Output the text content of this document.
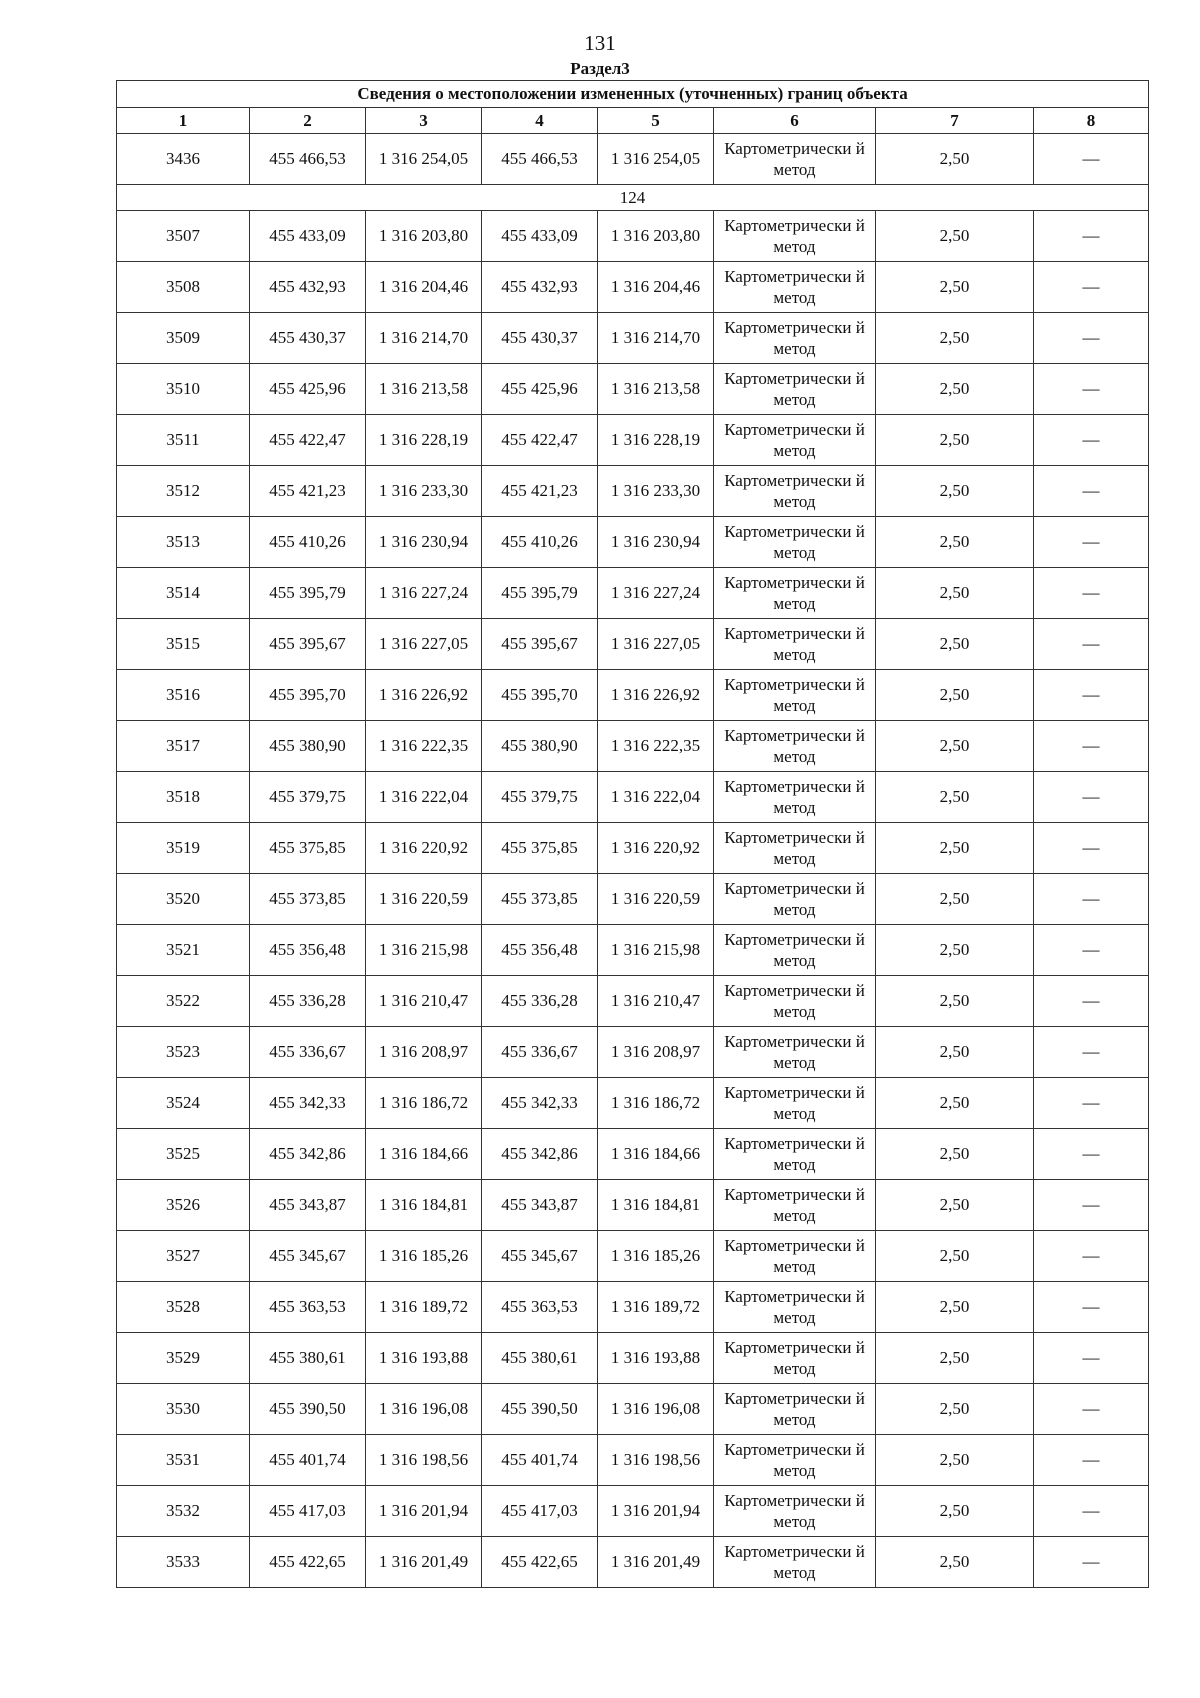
131
Раздел3
Сведения о местоположении измененных (уточненных) границ объекта							
1	2	3	4	5	6	7	8
3436	455 466,53	1 316 254,05	455 466,53	1 316 254,05	Картометрически й метод	2,50	—
124							
3507	455 433,09	1 316 203,80	455 433,09	1 316 203,80	Картометрически й метод	2,50	—
3508	455 432,93	1 316 204,46	455 432,93	1 316 204,46	Картометрически й метод	2,50	—
3509	455 430,37	1 316 214,70	455 430,37	1 316 214,70	Картометрически й метод	2,50	—
3510	455 425,96	1 316 213,58	455 425,96	1 316 213,58	Картометрически й метод	2,50	—
3511	455 422,47	1 316 228,19	455 422,47	1 316 228,19	Картометрически й метод	2,50	—
3512	455 421,23	1 316 233,30	455 421,23	1 316 233,30	Картометрически й метод	2,50	—
3513	455 410,26	1 316 230,94	455 410,26	1 316 230,94	Картометрически й метод	2,50	—
3514	455 395,79	1 316 227,24	455 395,79	1 316 227,24	Картометрически й метод	2,50	—
3515	455 395,67	1 316 227,05	455 395,67	1 316 227,05	Картометрически й метод	2,50	—
3516	455 395,70	1 316 226,92	455 395,70	1 316 226,92	Картометрически й метод	2,50	—
3517	455 380,90	1 316 222,35	455 380,90	1 316 222,35	Картометрически й метод	2,50	—
3518	455 379,75	1 316 222,04	455 379,75	1 316 222,04	Картометрически й метод	2,50	—
3519	455 375,85	1 316 220,92	455 375,85	1 316 220,92	Картометрически й метод	2,50	—
3520	455 373,85	1 316 220,59	455 373,85	1 316 220,59	Картометрически й метод	2,50	—
3521	455 356,48	1 316 215,98	455 356,48	1 316 215,98	Картометрически й метод	2,50	—
3522	455 336,28	1 316 210,47	455 336,28	1 316 210,47	Картометрически й метод	2,50	—
3523	455 336,67	1 316 208,97	455 336,67	1 316 208,97	Картометрически й метод	2,50	—
3524	455 342,33	1 316 186,72	455 342,33	1 316 186,72	Картометрически й метод	2,50	—
3525	455 342,86	1 316 184,66	455 342,86	1 316 184,66	Картометрически й метод	2,50	—
3526	455 343,87	1 316 184,81	455 343,87	1 316 184,81	Картометрически й метод	2,50	—
3527	455 345,67	1 316 185,26	455 345,67	1 316 185,26	Картометрически й метод	2,50	—
3528	455 363,53	1 316 189,72	455 363,53	1 316 189,72	Картометрически й метод	2,50	—
3529	455 380,61	1 316 193,88	455 380,61	1 316 193,88	Картометрически й метод	2,50	—
3530	455 390,50	1 316 196,08	455 390,50	1 316 196,08	Картометрически й метод	2,50	—
3531	455 401,74	1 316 198,56	455 401,74	1 316 198,56	Картометрически й метод	2,50	—
3532	455 417,03	1 316 201,94	455 417,03	1 316 201,94	Картометрически й метод	2,50	—
3533	455 422,65	1 316 201,49	455 422,65	1 316 201,49	Картометрически й метод	2,50	—
